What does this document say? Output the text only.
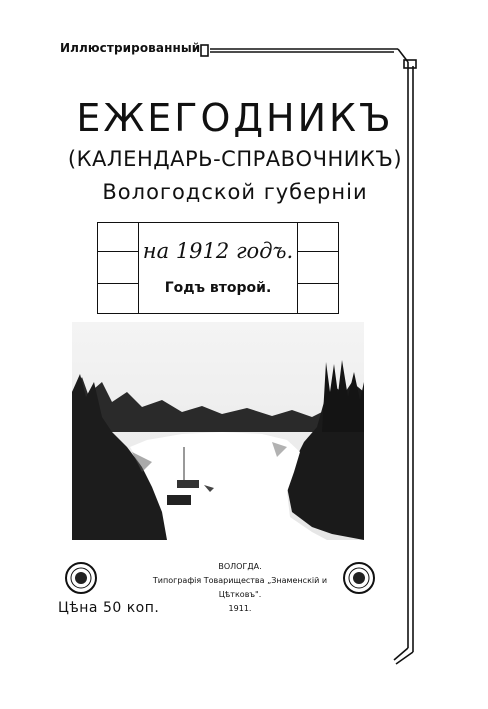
Иллюстрированный
ЕЖЕГОДНИКЪ
(КАЛЕНДАРЬ-СПРАВОЧНИКЪ)
Вологодской губерніи
на 1912 годъ.
Годъ второй.
ВОЛОГДА.
Типографія Товарищества „Знаменскій и Цѣтковъ".
1911.
Цѣна 50 коп.
